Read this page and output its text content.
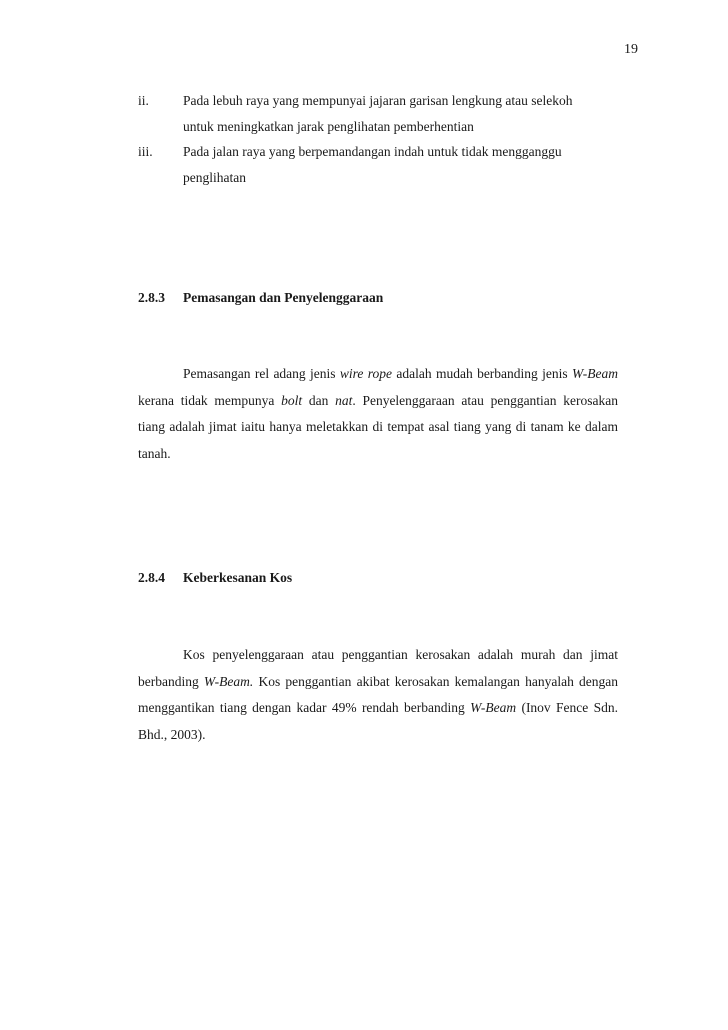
19
ii.	Pada lebuh raya yang mempunyai jajaran garisan lengkung atau selekoh
untuk meningkatkan jarak penglihatan pemberhentian
iii. Pada jalan raya yang berpemandangan indah untuk tidak mengganggu
penglihatan
2.8.3 Pemasangan dan Penyelenggaraan
Pemasangan rel adang jenis wire rope adalah mudah berbanding jenis W-Beam kerana tidak mempunya bolt dan nat. Penyelenggaraan atau penggantian kerosakan tiang adalah jimat iaitu hanya meletakkan di tempat asal tiang yang di tanam ke dalam tanah.
2.8.4 Keberkesanan Kos
Kos penyelenggaraan atau penggantian kerosakan adalah murah dan jimat berbanding W-Beam. Kos penggantian akibat kerosakan kemalangan hanyalah dengan menggantikan tiang dengan kadar 49% rendah berbanding W-Beam (Inov Fence Sdn. Bhd., 2003).
